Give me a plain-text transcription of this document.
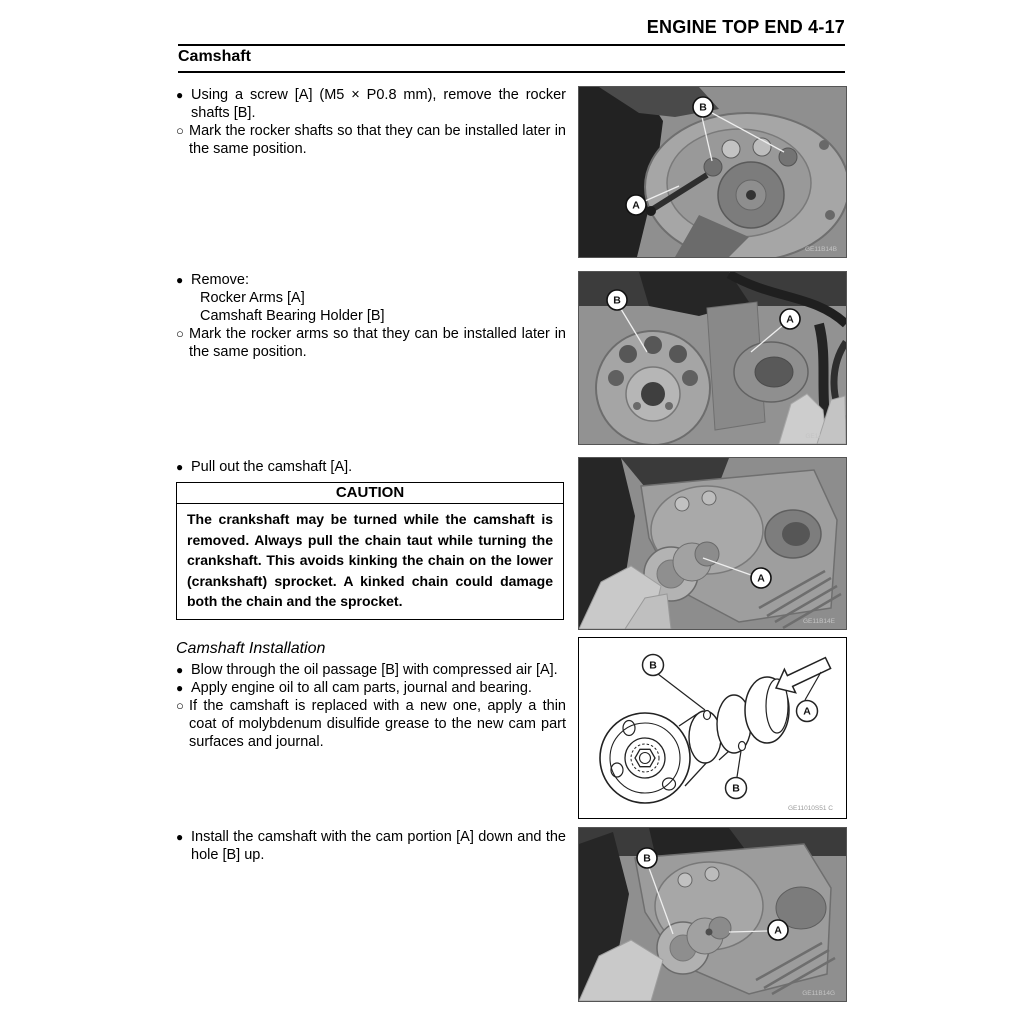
ENGINE TOP END 4-17
Camshaft
● Using a screw [A] (M5 × P0.8 mm), remove the rocker shafts [B].
○ Mark the rocker shafts so that they can be installed later in the same position.
● Remove:
Rocker Arms [A]
Camshaft Bearing Holder [B]
○ Mark the rocker arms so that they can be installed later in the same position.
● Pull out the camshaft [A].
CAUTION
The crankshaft may be turned while the camshaft is removed. Always pull the chain taut while turning the crankshaft. This avoids kinking the chain on the lower (crankshaft) sprocket. A kinked chain could damage both the chain and the sprocket.
Camshaft Installation
● Blow through the oil passage [B] with compressed air [A].
● Apply engine oil to all cam parts, journal and bearing.
○ If the camshaft is replaced with a new one, apply a thin coat of molybdenum disulfide grease to the new cam part surfaces and journal.
● Install the camshaft with the cam portion [A] down and the hole [B] up.
B
A
GE11B14B
B
A
GE11B14T
A
GE11B14E
B
B
A
GE11010S51 C
B
A
GE11B14G
